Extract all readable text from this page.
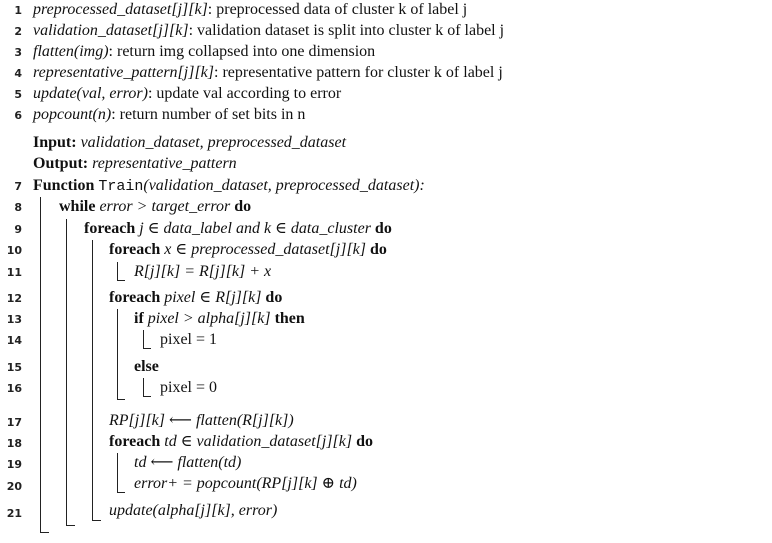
1 preprocessed_dataset[j][k]: preprocessed data of cluster k of label j
2 validation_dataset[j][k]: validation dataset is split into cluster k of label j
3 flatten(img): return img collapsed into one dimension
4 representative_pattern[j][k]: representative pattern for cluster k of label j
5 update(val, error): update val according to error
6 popcount(n): return number of set bits in n
Input: validation_dataset, preprocessed_dataset
Output: representative_pattern
7 Function Train(validation_dataset, preprocessed_dataset):
8 while error > target_error do
9	foreach j ∈ data_label and k ∈ data_cluster do
10	foreach x ∈ preprocessed_dataset[j][k] do
11	R[j][k] = R[j][k] + x
12	foreach pixel ∈ R[j][k] do
13	if pixel > alpha[j][k] then
14	pixel = 1
15	else
16	pixel = 0
17	RP[j][k] ⟵ flatten(R[j][k])
18	foreach td ∈ validation_dataset[j][k] do
19	td ⟵ flatten(td)
20	error+ = popcount(RP[j][k] ⊕ td)
21	update(alpha[j][k], error)
